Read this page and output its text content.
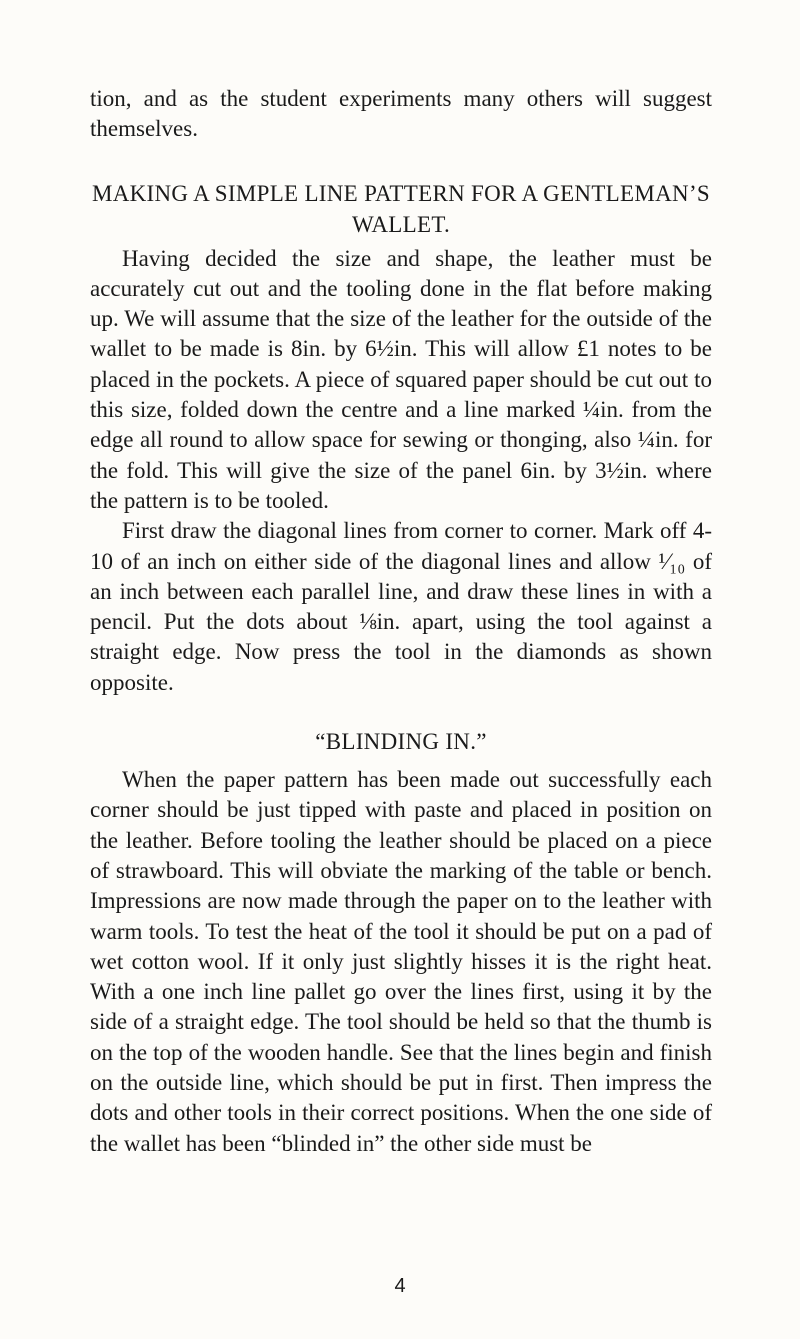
tion, and as the student experiments many others will suggest themselves.

MAKING A SIMPLE LINE PATTERN FOR A GENTLEMAN’S WALLET.

Having decided the size and shape, the leather must be accurately cut out and the tooling done in the flat before making up. We will assume that the size of the leather for the outside of the wallet to be made is 8in. by 6½in. This will allow £1 notes to be placed in the pockets. A piece of squared paper should be cut out to this size, folded down the centre and a line marked ¼in. from the edge all round to allow space for sewing or thonging, also ¼in. for the fold. This will give the size of the panel 6in. by 3½in. where the pattern is to be tooled.

First draw the diagonal lines from corner to corner. Mark off 4-10 of an inch on either side of the diagonal lines and allow ¹⁄₁₀ of an inch between each parallel line, and draw these lines in with a pencil. Put the dots about ⅛in. apart, using the tool against a straight edge. Now press the tool in the diamonds as shown opposite.

“BLINDING IN.”

When the paper pattern has been made out successfully each corner should be just tipped with paste and placed in position on the leather. Before tooling the leather should be placed on a piece of strawboard. This will obviate the marking of the table or bench. Impressions are now made through the paper on to the leather with warm tools. To test the heat of the tool it should be put on a pad of wet cotton wool. If it only just slightly hisses it is the right heat. With a one inch line pallet go over the lines first, using it by the side of a straight edge. The tool should be held so that the thumb is on the top of the wooden handle. See that the lines begin and finish on the outside line, which should be put in first. Then impress the dots and other tools in their correct positions. When the one side of the wallet has been “blinded in” the other side must be

4
